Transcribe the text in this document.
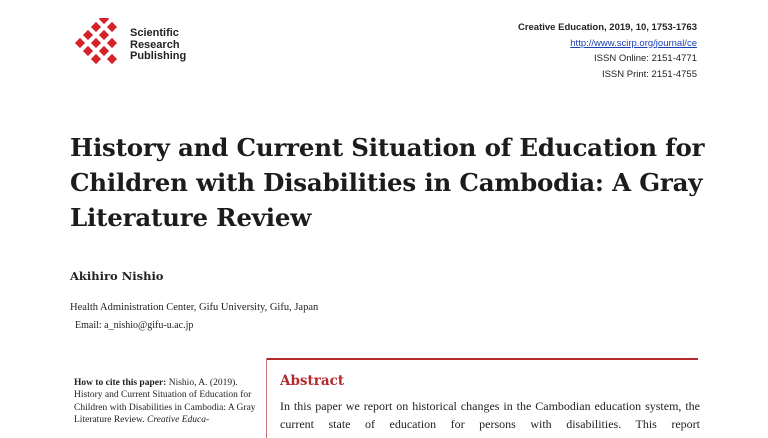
Scientific
Research
Publishing
Creative Education, 2019, 10, 1753-1763
http://www.scirp.org/journal/ce
ISSN Online: 2151-4771
ISSN Print: 2151-4755
History and Current Situation of Education for Children with Disabilities in Cambodia: A Gray Literature Review
Akihiro Nishio
Health Administration Center, Gifu University, Gifu, Japan
Email: a_nishio@gifu-u.ac.jp
How to cite this paper: Nishio, A. (2019). History and Current Situation of Education for Children with Disabilities in Cambodia: A Gray Literature Review. Creative Educa-
Abstract
In this paper we report on historical changes in the Cambodian education system, the current state of education for persons with disabilities. This report
